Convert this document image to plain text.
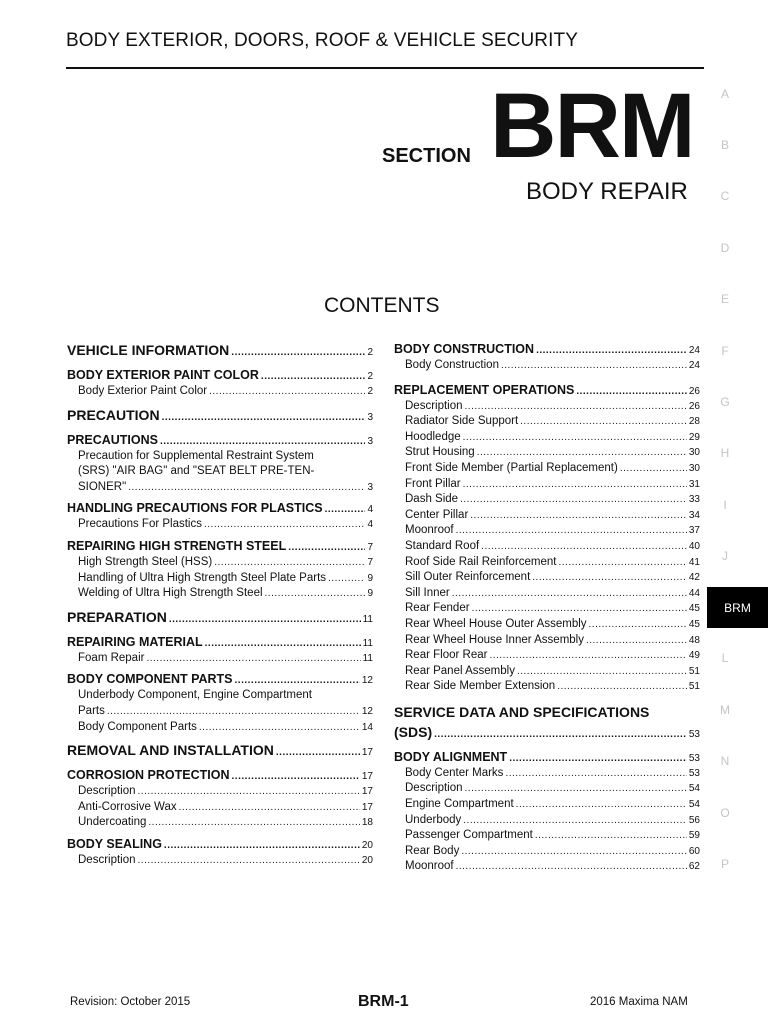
BODY EXTERIOR, DOORS, ROOF & VEHICLE SECURITY
SECTION BRM
BODY REPAIR
CONTENTS
VEHICLE INFORMATION .....	2
BODY EXTERIOR PAINT COLOR .....	2
Body Exterior Paint Color .....	2
PRECAUTION .....	3
PRECAUTIONS .....	3
Precaution for Supplemental Restraint System
(SRS) "AIR BAG" and "SEAT BELT PRE-TEN-
SIONER" .....	3
HANDLING PRECAUTIONS FOR PLASTICS .....	4
Precautions For Plastics .....	4
REPAIRING HIGH STRENGTH STEEL .....	7
High Strength Steel (HSS) .....	7
Handling of Ultra High Strength Steel Plate Parts .....	9
Welding of Ultra High Strength Steel .....	9
PREPARATION .....	11
REPAIRING MATERIAL .....	11
Foam Repair .....	11
BODY COMPONENT PARTS .....	12
Underbody Component, Engine Compartment
Parts .....	12
Body Component Parts .....	14
REMOVAL AND INSTALLATION .....	17
CORROSION PROTECTION .....	17
Description .....	17
Anti-Corrosive Wax .....	17
Undercoating .....	18
BODY SEALING .....	20
Description .....	20
BODY CONSTRUCTION .....	24
Body Construction .....	24
REPLACEMENT OPERATIONS .....	26
Description .....	26
Radiator Side Support .....	28
Hoodledge .....	29
Strut Housing .....	30
Front Side Member (Partial Replacement) .....	30
Front Pillar .....	31
Dash Side .....	33
Center Pillar .....	34
Moonroof .....	37
Standard Roof .....	40
Roof Side Rail Reinforcement .....	41
Sill Outer Reinforcement .....	42
Sill Inner .....	44
Rear Fender .....	45
Rear Wheel House Outer Assembly .....	45
Rear Wheel House Inner Assembly .....	48
Rear Floor Rear .....	49
Rear Panel Assembly .....	51
Rear Side Member Extension .....	51
SERVICE DATA AND SPECIFICATIONS
(SDS) .....	53
BODY ALIGNMENT .....	53
Body Center Marks .....	53
Description .....	54
Engine Compartment .....	54
Underbody .....	56
Passenger Compartment .....	59
Rear Body .....	60
Moonroof .....	62
A
B
C
D
E
F
G
H
I
J
L
M
N
O
P
BRM
Revision: October 2015	BRM-1	2016 Maxima NAM
